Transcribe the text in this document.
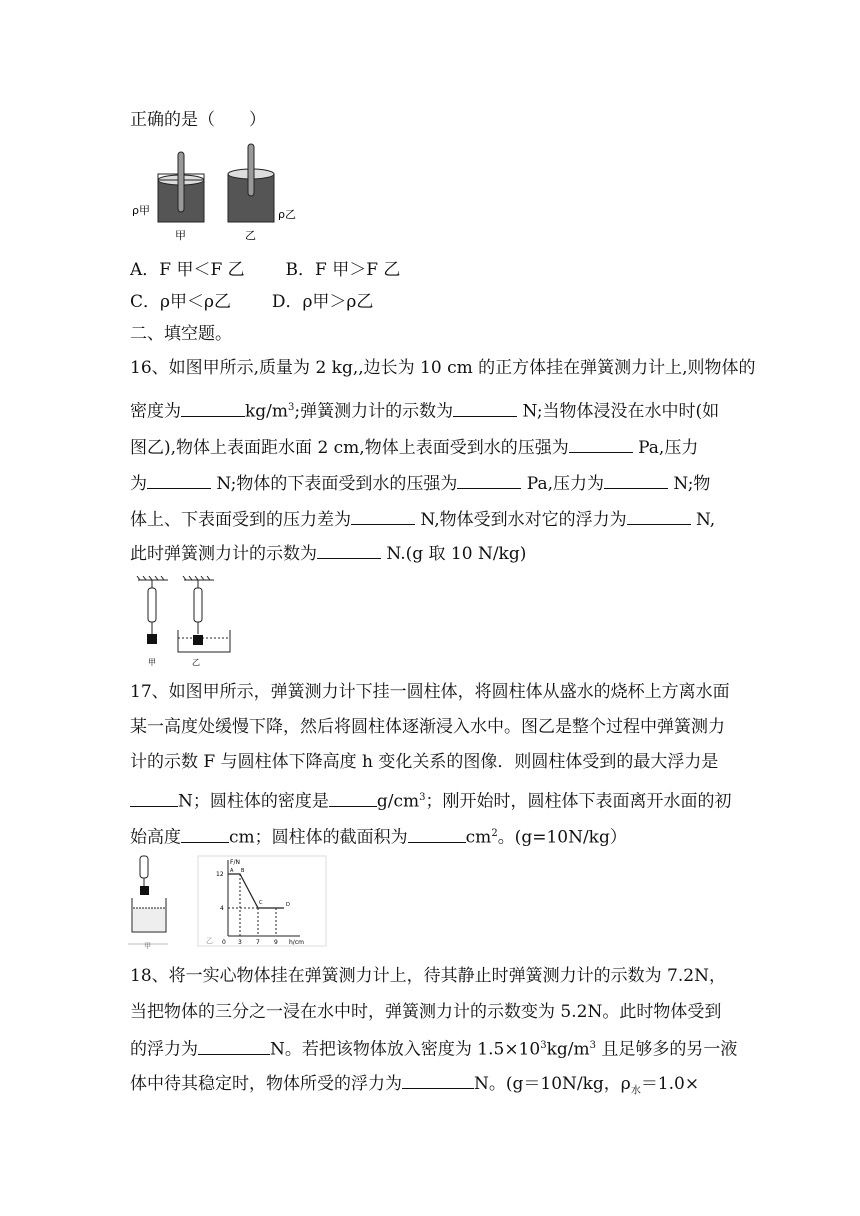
正确的是（　　）
ρ甲	ρ乙
甲	乙
A．F 甲＜F 乙 B．F 甲＞F 乙
C．ρ甲＜ρ乙 D．ρ甲＞ρ乙
二、填空题。
16、如图甲所示,质量为 2 kg,,边长为 10 cm 的正方体挂在弹簧测力计上,则物体的
密度为	$kg/m^3$;弹簧测力计的示数为	N;当物体浸没在水中时(如
图乙),物体上表面距水面 2 cm,物体上表面受到水的压强为	Pa,压力
为	N;物体的下表面受到水的压强为	Pa,压力为	N;物
体上、下表面受到的压力差为	N,物体受到水对它的浮力为	N,
此时弹簧测力计的示数为	N.(g 取 10 N/kg)
甲	乙
17、如图甲所示，弹簧测力计下挂一圆柱体，将圆柱体从盛水的烧杯上方离水面
某一高度处缓慢下降，然后将圆柱体逐渐浸入水中。图乙是整个过程中弹簧测力
计的示数 F 与圆柱体下降高度 h 变化关系的图像．则圆柱体受到的最大浮力是
N；圆柱体的密度是	$g/cm^3$；刚开始时，圆柱体下表面离开水面的初
始高度	cm；圆柱体的截面积为	$cm^2$。(g=10N/kg）
甲
F/N
h/cm
12
4
0 3 7 9
A B
C	D
乙
18、将一实心物体挂在弹簧测力计上，待其静止时弹簧测力计的示数为 7.2N，
当把物体的三分之一浸在水中时，弹簧测力计的示数变为 5.2N。此时物体受到
的浮力为	N。若把该物体放入密度为 $1.5\times 10^3kg/m^3$ 且足够多的另一液
体中待其稳定时，物体所受的浮力为	N。(g＝10N/kg，$\rho_水=1.0\times$
